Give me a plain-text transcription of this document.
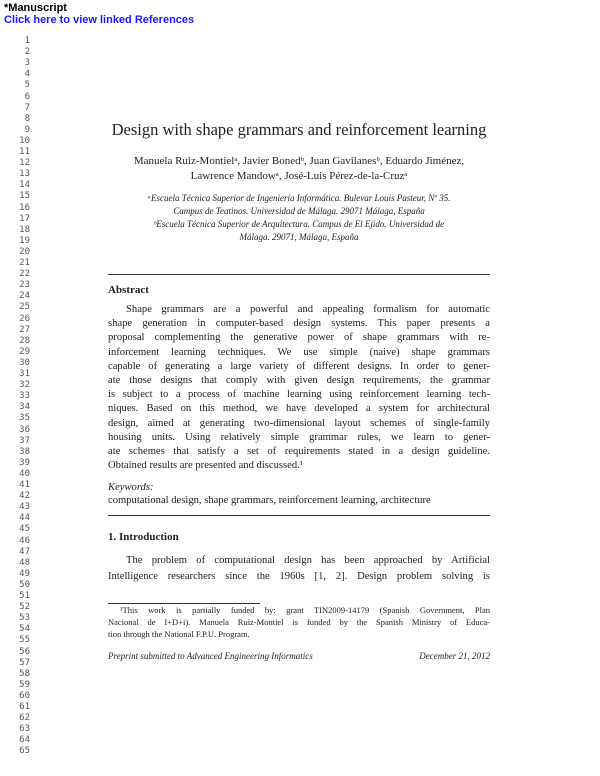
*Manuscript
Click here to view linked References
1
2
3
4
5
6
7
8
9
10
11
12
13
14
15
16
17
18
19
20
21
22
23
24
25
26
27
28
29
30
31
32
33
34
35
36
37
38
39
40
41
42
43
44
45
46
47
48
49
50
51
52
53
54
55
56
57
58
59
60
61
62
63
64
65
Design with shape grammars and reinforcement learning
Manuela Ruiz-Montielᵃ, Javier Bonedᵇ, Juan Gavilanesᵇ, Eduardo Jiménez,
Lawrence Mandowᵃ, José-Luis Pérez-de-la-Cruzᵃ
ᵃEscuela Técnica Superior de Ingeniería Informática. Bulevar Louis Pasteur, Nº 35.
Campus de Teatinos. Universidad de Málaga. 29071 Málaga, España
ᵇEscuela Técnica Superior de Arquitectura. Campus de El Ejido. Universidad de
Málaga. 29071, Málaga, España
Abstract
Shape grammars are a powerful and appealing formalism for automatic
shape generation in computer-based design systems. This paper presents a
proposal complementing the generative power of shape grammars with re-
inforcement learning techniques. We use simple (naive) shape grammars
capable of generating a large variety of different designs. In order to gener-
ate those designs that comply with given design requirements, the grammar
is subject to a process of machine learning using reinforcement learning tech-
niques. Based on this method, we have developed a system for architectural
design, aimed at generating two-dimensional layout schemes of single-family
housing units. Using relatively simple grammar rules, we learn to gener-
ate schemes that satisfy a set of requirements stated in a design guideline.
Obtained results are presented and discussed.¹
Keywords:
computational design, shape grammars, reinforcement learning, architecture
1. Introduction
The problem of computational design has been approached by Artificial
Intelligence researchers since the 1960s [1, 2]. Design problem solving is
¹This work is partially funded by: grant TIN2009-14179 (Spanish Government, Plan
Nacional de I+D+i). Manuela Ruiz-Montiel is funded by the Spanish Ministry of Educa-
tion through the National F.P.U. Program.
Preprint submitted to Advanced Engineering Informatics	December 21, 2012
